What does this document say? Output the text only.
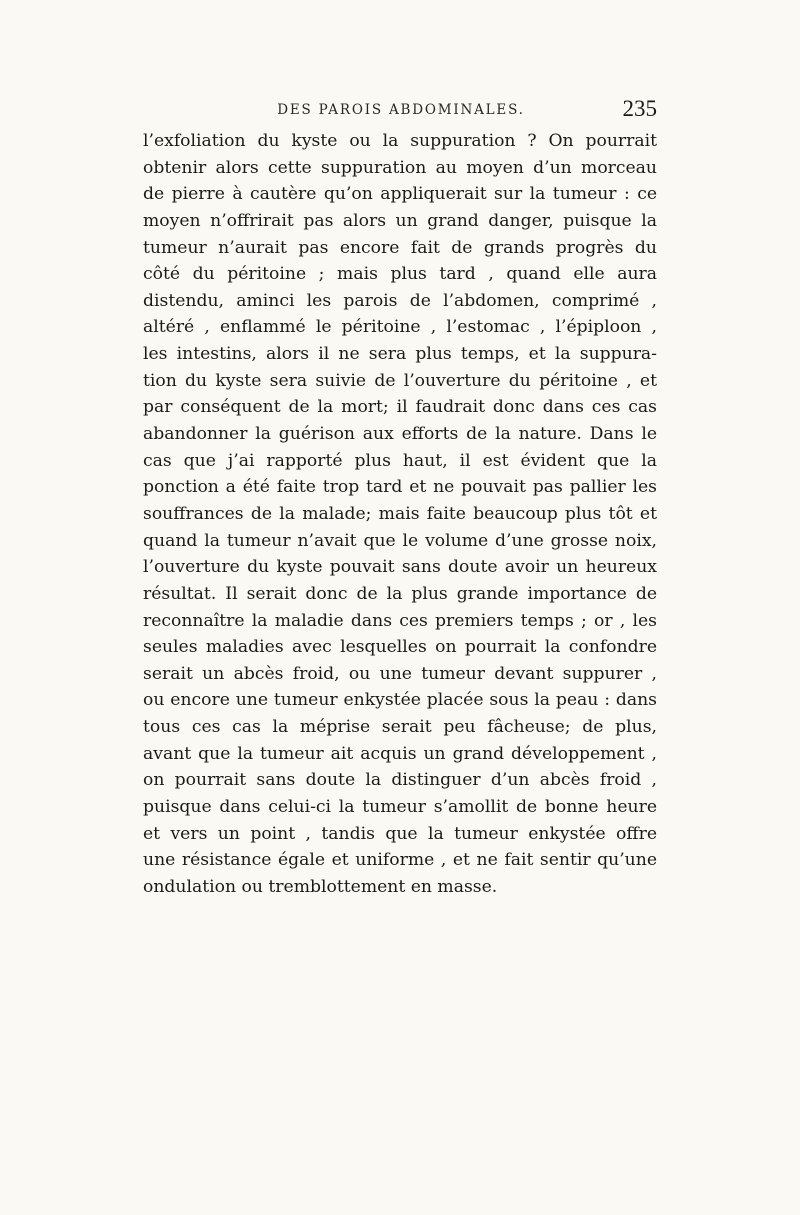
DES PAROIS ABDOMINALES.	235
l’exfoliation du kyste ou la suppuration ? On pourrait
obtenir alors cette suppuration au moyen d’un morceau
de pierre à cautère qu’on appliquerait sur la tumeur : ce
moyen n’offrirait pas alors un grand danger, puisque la
tumeur n’aurait pas encore fait de grands progrès du
côté du péritoine ; mais plus tard , quand elle aura
distendu, aminci les parois de l’abdomen, comprimé ,
altéré , enflammé le péritoine , l’estomac , l’épiploon ,
les intestins, alors il ne sera plus temps, et la suppura-
tion du kyste sera suivie de l’ouverture du péritoine , et
par conséquent de la mort; il faudrait donc dans ces cas
abandonner la guérison aux efforts de la nature. Dans le
cas que j’ai rapporté plus haut, il est évident que la
ponction a été faite trop tard et ne pouvait pas pallier les
souffrances de la malade; mais faite beaucoup plus tôt et
quand la tumeur n’avait que le volume d’une grosse noix,
l’ouverture du kyste pouvait sans doute avoir un heureux
résultat. Il serait donc de la plus grande importance de
reconnaître la maladie dans ces premiers temps ; or , les
seules maladies avec lesquelles on pourrait la confondre
serait un abcès froid, ou une tumeur devant suppurer ,
ou encore une tumeur enkystée placée sous la peau : dans
tous ces cas la méprise serait peu fâcheuse; de plus,
avant que la tumeur ait acquis un grand développement ,
on pourrait sans doute la distinguer d’un abcès froid ,
puisque dans celui-ci la tumeur s’amollit de bonne heure
et vers un point , tandis que la tumeur enkystée offre
une résistance égale et uniforme , et ne fait sentir qu’une
ondulation ou tremblottement en masse.
